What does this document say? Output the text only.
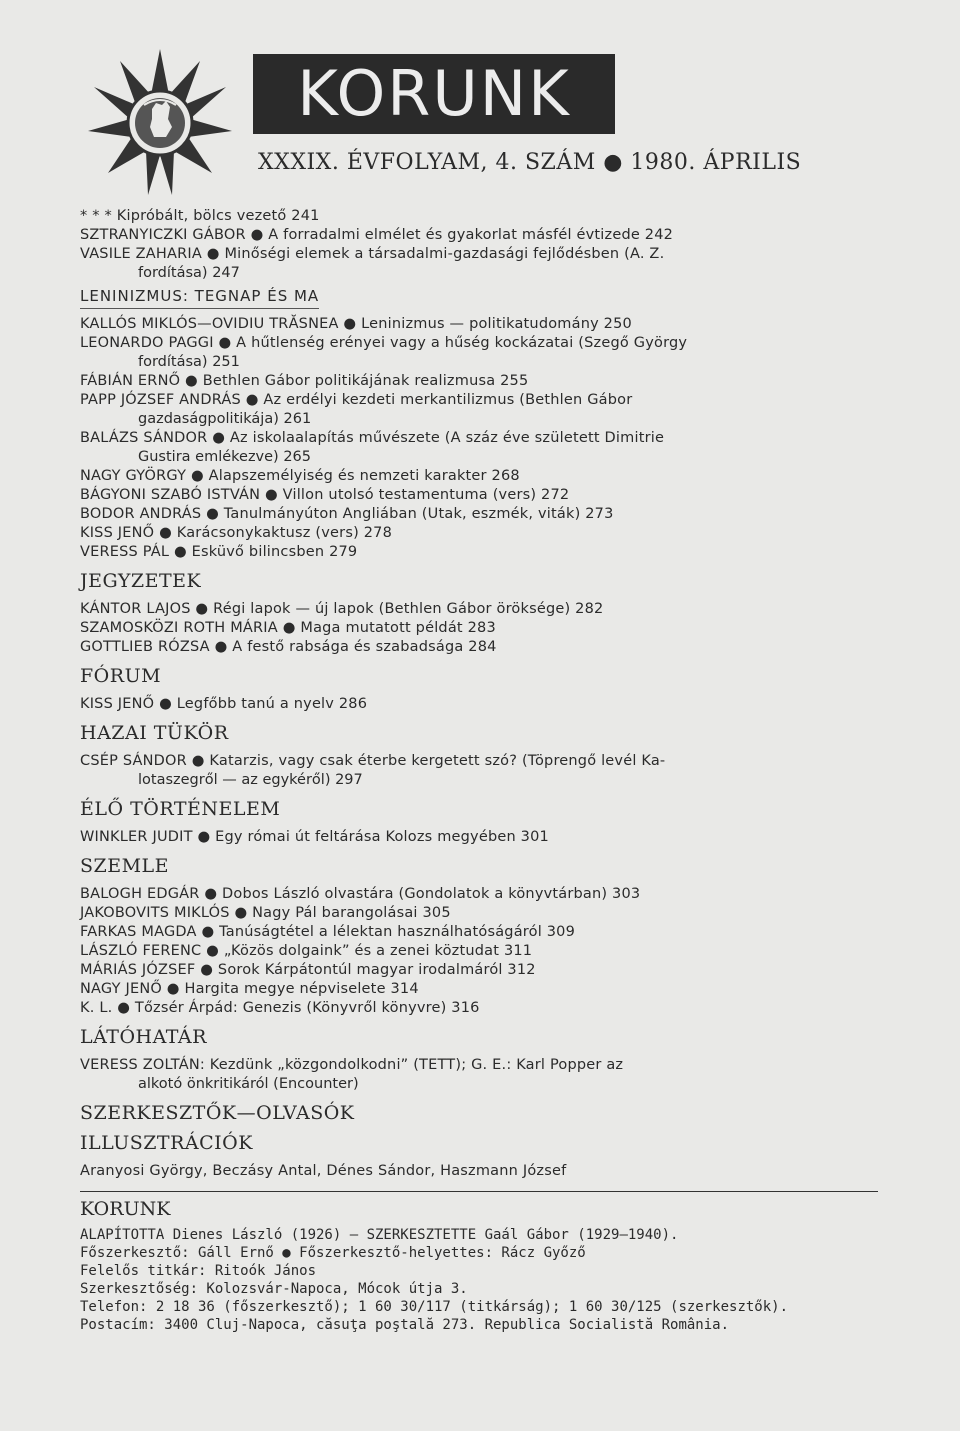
KORUNK
XXXIX. ÉVFOLYAM, 4. SZÁM ● 1980. ÁPRILIS
* * * Kipróbált, bölcs vezető 241
SZTRANYICZKI GÁBOR ● A forradalmi elmélet és gyakorlat másfél évtizede 242
VASILE ZAHARIA ● Minőségi elemek a társadalmi-gazdasági fejlődésben (A. Z.
fordítása) 247
LENINIZMUS: TEGNAP ÉS MA
KALLÓS MIKLÓS—OVIDIU TRĂSNEA ● Leninizmus — politikatudomány 250
LEONARDO PAGGI ● A hűtlenség erényei vagy a hűség kockázatai (Szegő György
fordítása) 251
FÁBIÁN ERNŐ ● Bethlen Gábor politikájának realizmusa 255
PAPP JÓZSEF ANDRÁS ● Az erdélyi kezdeti merkantilizmus (Bethlen Gábor
gazdaságpolitikája) 261
BALÁZS SÁNDOR ● Az iskolaalapítás művészete (A száz éve született Dimitrie
Gustira emlékezve) 265
NAGY GYÖRGY ● Alapszemélyiség és nemzeti karakter 268
BÁGYONI SZABÓ ISTVÁN ● Villon utolsó testamentuma (vers) 272
BODOR ANDRÁS ● Tanulmányúton Angliában (Utak, eszmék, viták) 273
KISS JENŐ ● Karácsonykaktusz (vers) 278
VERESS PÁL ● Esküvő bilincsben 279
JEGYZETEK
KÁNTOR LAJOS ● Régi lapok — új lapok (Bethlen Gábor öröksége) 282
SZAMOSKÖZI ROTH MÁRIA ● Maga mutatott példát 283
GOTTLIEB RÓZSA ● A festő rabsága és szabadsága 284
FÓRUM
KISS JENŐ ● Legfőbb tanú a nyelv 286
HAZAI TÜKÖR
CSÉP SÁNDOR ● Katarzis, vagy csak éterbe kergetett szó? (Töprengő levél Ka-
lotaszegről — az egykéről) 297
ÉLŐ TÖRTÉNELEM
WINKLER JUDIT ● Egy római út feltárása Kolozs megyében 301
SZEMLE
BALOGH EDGÁR ● Dobos László olvastára (Gondolatok a könyvtárban) 303
JAKOBOVITS MIKLÓS ● Nagy Pál barangolásai 305
FARKAS MAGDA ● Tanúságtétel a lélektan használhatóságáról 309
LÁSZLÓ FERENC ● „Közös dolgaink” és a zenei köztudat 311
MÁRIÁS JÓZSEF ● Sorok Kárpátontúl magyar irodalmáról 312
NAGY JENŐ ● Hargita megye népviselete 314
K. L. ● Tőzsér Árpád: Genezis (Könyvről könyvre) 316
LÁTÓHATÁR
VERESS ZOLTÁN: Kezdünk „közgondolkodni” (TETT); G. E.: Karl Popper az
alkotó önkritikáról (Encounter)
SZERKESZTŐK—OLVASÓK
ILLUSZTRÁCIÓK
Aranyosi György, Beczásy Antal, Dénes Sándor, Haszmann József
KORUNK
ALAPÍTOTTA Dienes László (1926) — SZERKESZTETTE Gaál Gábor (1929—1940).
Főszerkesztő: Gáll Ernő ● Főszerkesztő-helyettes: Rácz Győző
Felelős titkár: Ritoók János
Szerkesztőség: Kolozsvár-Napoca, Mócok útja 3.
Telefon: 2 18 36 (főszerkesztő); 1 60 30/117 (titkárság); 1 60 30/125 (szerkesztők).
Postacím: 3400 Cluj-Napoca, căsuţa poştală 273. Republica Socialistă România.
